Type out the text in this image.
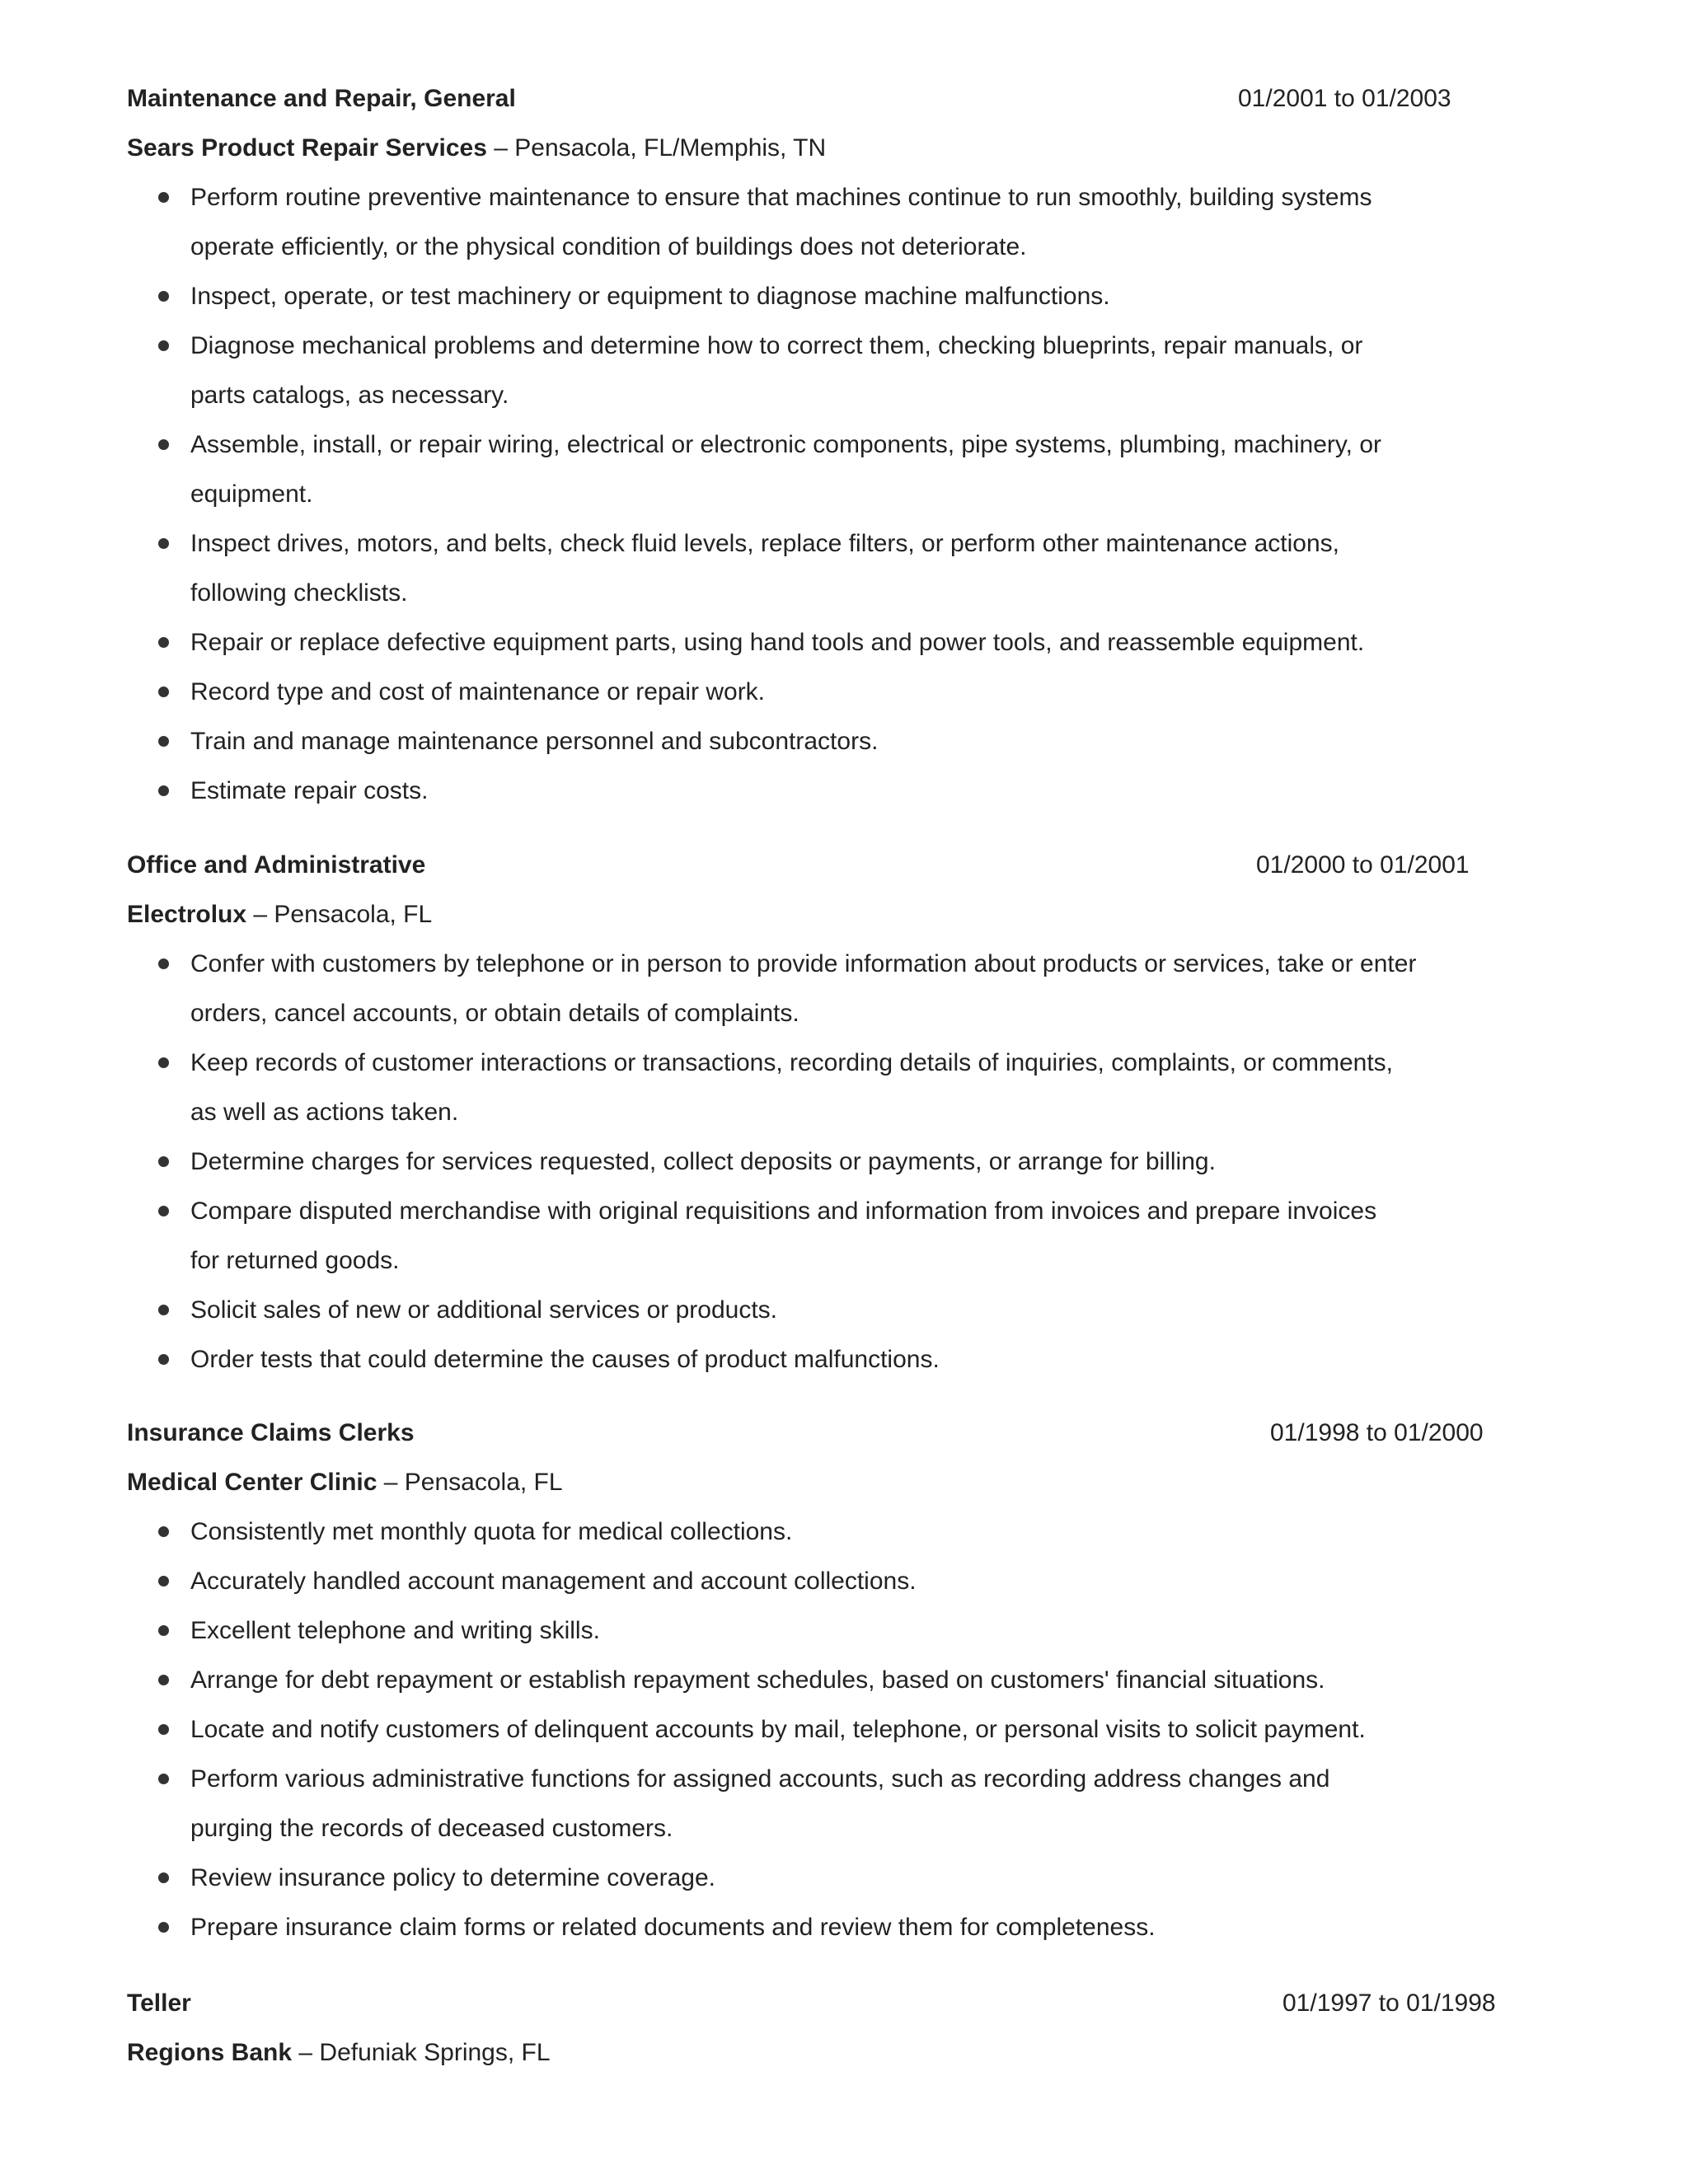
Maintenance and Repair, General	01/2001 to 01/2003
Sears Product Repair Services – Pensacola, FL/Memphis, TN
Perform routine preventive maintenance to ensure that machines continue to run smoothly, building systems
operate efficiently, or the physical condition of buildings does not deteriorate.
Inspect, operate, or test machinery or equipment to diagnose machine malfunctions.
Diagnose mechanical problems and determine how to correct them, checking blueprints, repair manuals, or
parts catalogs, as necessary.
Assemble, install, or repair wiring, electrical or electronic components, pipe systems, plumbing, machinery, or
equipment.
Inspect drives, motors, and belts, check fluid levels, replace filters, or perform other maintenance actions,
following checklists.
Repair or replace defective equipment parts, using hand tools and power tools, and reassemble equipment.
Record type and cost of maintenance or repair work.
Train and manage maintenance personnel and subcontractors.
Estimate repair costs.
Office and Administrative	01/2000 to 01/2001
Electrolux – Pensacola, FL
Confer with customers by telephone or in person to provide information about products or services, take or enter
orders, cancel accounts, or obtain details of complaints.
Keep records of customer interactions or transactions, recording details of inquiries, complaints, or comments,
as well as actions taken.
Determine charges for services requested, collect deposits or payments, or arrange for billing.
Compare disputed merchandise with original requisitions and information from invoices and prepare invoices
for returned goods.
Solicit sales of new or additional services or products.
Order tests that could determine the causes of product malfunctions.
Insurance Claims Clerks	01/1998 to 01/2000
Medical Center Clinic – Pensacola, FL
Consistently met monthly quota for medical collections.
Accurately handled account management and account collections.
Excellent telephone and writing skills.
Arrange for debt repayment or establish repayment schedules, based on customers' financial situations.
Locate and notify customers of delinquent accounts by mail, telephone, or personal visits to solicit payment.
Perform various administrative functions for assigned accounts, such as recording address changes and
purging the records of deceased customers.
Review insurance policy to determine coverage.
Prepare insurance claim forms or related documents and review them for completeness.
Teller	01/1997 to 01/1998
Regions Bank – Defuniak Springs, FL
